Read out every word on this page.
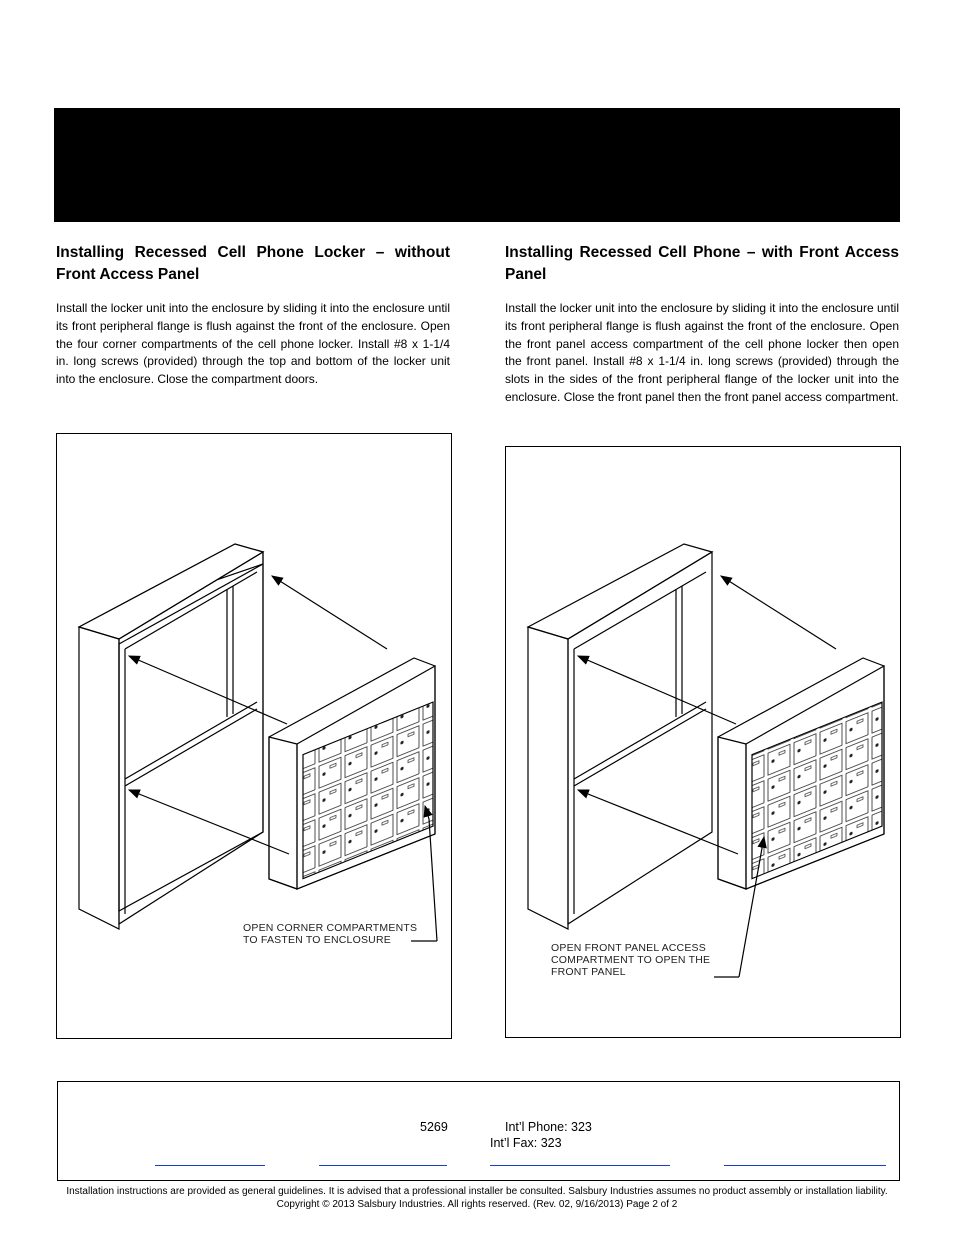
Installing Recessed Cell Phone Locker – without Front Access Panel

Install the locker unit into the enclosure by sliding it into the enclosure until its front peripheral flange is flush against the front of the enclosure. Open the four corner compartments of the cell phone locker. Install #8 x 1-1/4 in. long screws (provided) through the top and bottom of the locker unit into the enclosure. Close the compartment doors.

Installing Recessed Cell Phone – with Front Access Panel

Install the locker unit into the enclosure by sliding it into the enclosure until its front peripheral flange is flush against the front of the enclosure. Open the front panel access compartment of the cell phone locker then open the front panel. Install #8 x 1-1/4 in. long screws (provided) through the slots in the sides of the front peripheral flange of the locker unit into the enclosure. Close the front panel then the front panel access compartment.

OPEN CORNER COMPARTMENTS
TO FASTEN TO ENCLOSURE
OPEN FRONT PANEL ACCESS
COMPARTMENT TO OPEN THE
FRONT PANEL
5269	Int’l Phone: 323
Int’l Fax: 323
Installation instructions are provided as general guidelines. It is advised that a professional installer be consulted. Salsbury Industries assumes no product assembly or installation liability.
Copyright © 2013 Salsbury Industries. All rights reserved. (Rev. 02, 9/16/2013) Page 2 of 2
